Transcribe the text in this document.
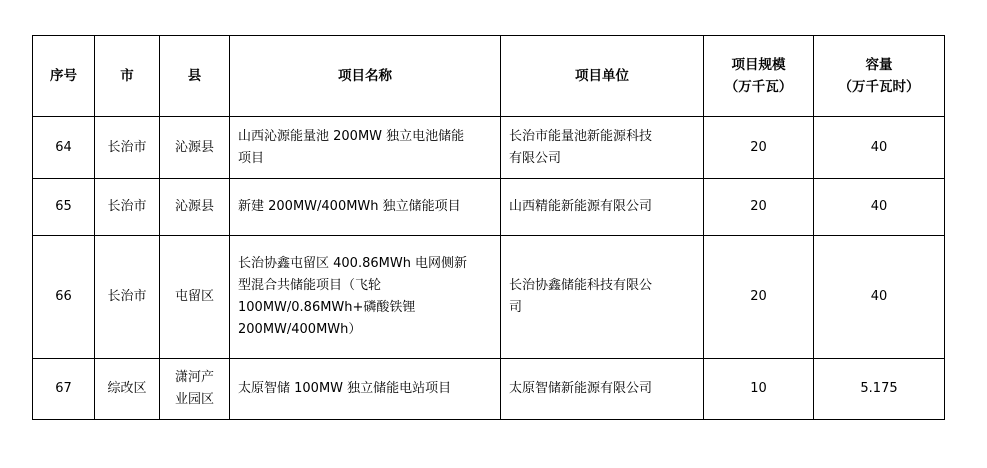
序号	市	县	项目名称	项目单位	项目规模
（万千瓦）	容量
（万千瓦时）
64	长治市	沁源县	山西沁源能量池 200MW 独立电池储能
项目	长治市能量池新能源科技
有限公司	20	40
65	长治市	沁源县	新建 200MW/400MWh 独立储能项目	山西精能新能源有限公司	20	40
66	长治市	屯留区	长治协鑫屯留区 400.86MWh 电网侧新
型混合共储能项目（飞轮
100MW/0.86MWh+磷酸铁锂
200MW/400MWh）	长治协鑫储能科技有限公
司	20	40
67	综改区	潇河产
业园区	太原智储 100MW 独立储能电站项目	太原智储新能源有限公司	10	5.175
